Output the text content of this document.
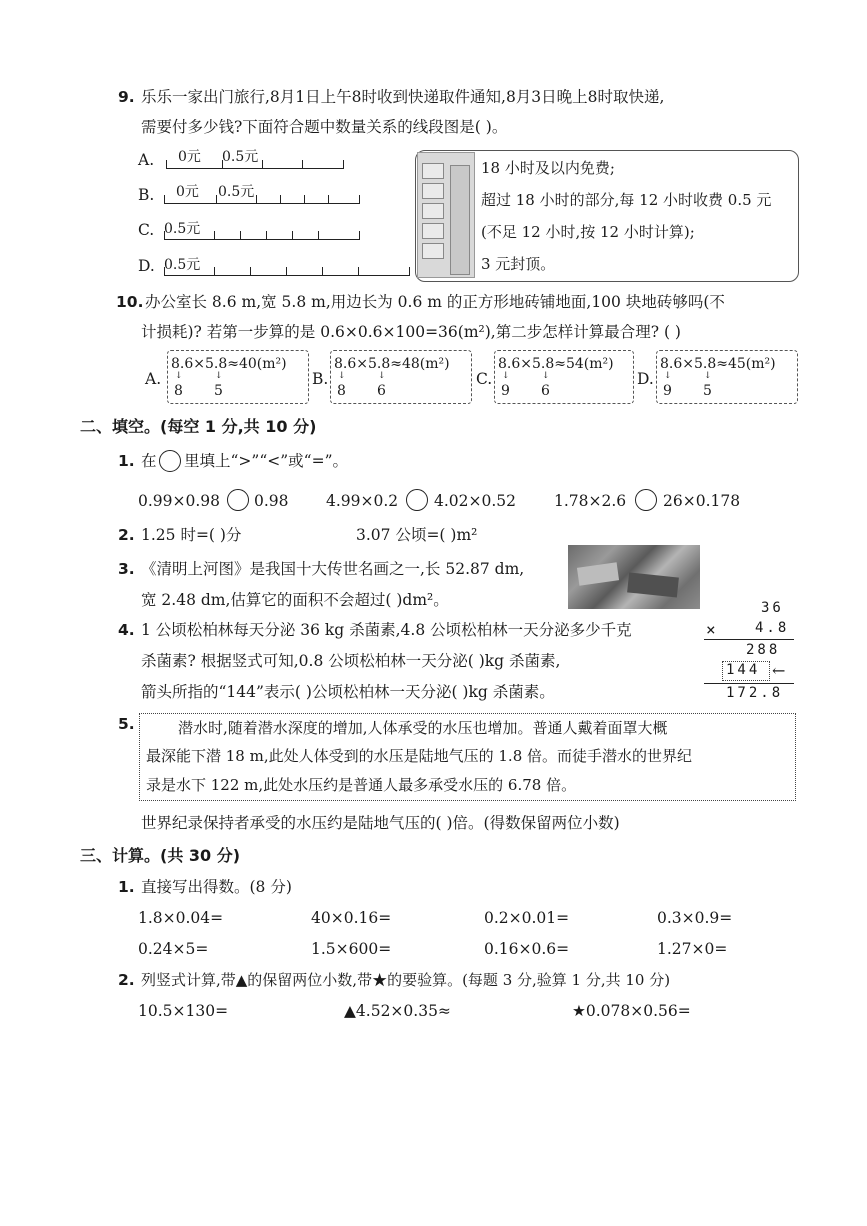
9. 乐乐一家出门旅行,8月1日上午8时收到快递取件通知,8月3日晚上8时取快递,
需要付多少钱?下面符合题中数量关系的线段图是( )。
A. 0元 0.5元
B. 0元 0.5元
C. 0.5元
D. 0.5元
18 小时及以内免费;
超过 18 小时的部分,每 12 小时收费 0.5 元
(不足 12 小时,按 12 小时计算);
3 元封顶。
10. 办公室长 8.6 m,宽 5.8 m,用边长为 0.6 m 的正方形地砖铺地面,100 块地砖够吗(不
计损耗)? 若第一步算的是 0.6×0.6×100=36(m²),第二步怎样计算最合理? ( )
A.
8.6×5.8≈40(m²)
↓	↓
8 5
B.
8.6×5.8≈48(m²)
↓	↓
8 6
C.
8.6×5.8≈54(m²)
↓	↓
9 6
D.
8.6×5.8≈45(m²)
↓	↓
9 5
二、填空。(每空 1 分,共 10 分)
1. 在 里填上“>”“<”或“=”。
0.99×0.98 0.98 4.99×0.2 4.02×0.52 1.78×2.6 26×0.178
2. 1.25 时=( )分	3.07 公顷=( )m²
3. 《清明上河图》是我国十大传世名画之一,长 52.87 dm,
宽 2.48 dm,估算它的面积不会超过( )dm²。
4. 1 公顷松柏林每天分泌 36 kg 杀菌素,4.8 公顷松柏林一天分泌多少千克
杀菌素? 根据竖式可知,0.8 公顷松柏林一天分泌( )kg 杀菌素,
箭头所指的“144”表示( )公顷松柏林一天分泌( )kg 杀菌素。
36
×	4.8
288
144 ←
172.8
5.	潜水时,随着潜水深度的增加,人体承受的水压也增加。普通人戴着面罩大概
最深能下潜 18 m,此处人体受到的水压是陆地气压的 1.8 倍。而徒手潜水的世界纪
录是水下 122 m,此处水压约是普通人最多承受水压的 6.78 倍。
世界纪录保持者承受的水压约是陆地气压的( )倍。(得数保留两位小数)
三、计算。(共 30 分)
1. 直接写出得数。(8 分)
1.8×0.04=	40×0.16=	0.2×0.01=	0.3×0.9=
0.24×5=	1.5×600=	0.16×0.6=	1.27×0=
2. 列竖式计算,带▲的保留两位小数,带★的要验算。(每题 3 分,验算 1 分,共 10 分)
10.5×130=	▲4.52×0.35≈	★0.078×0.56=
